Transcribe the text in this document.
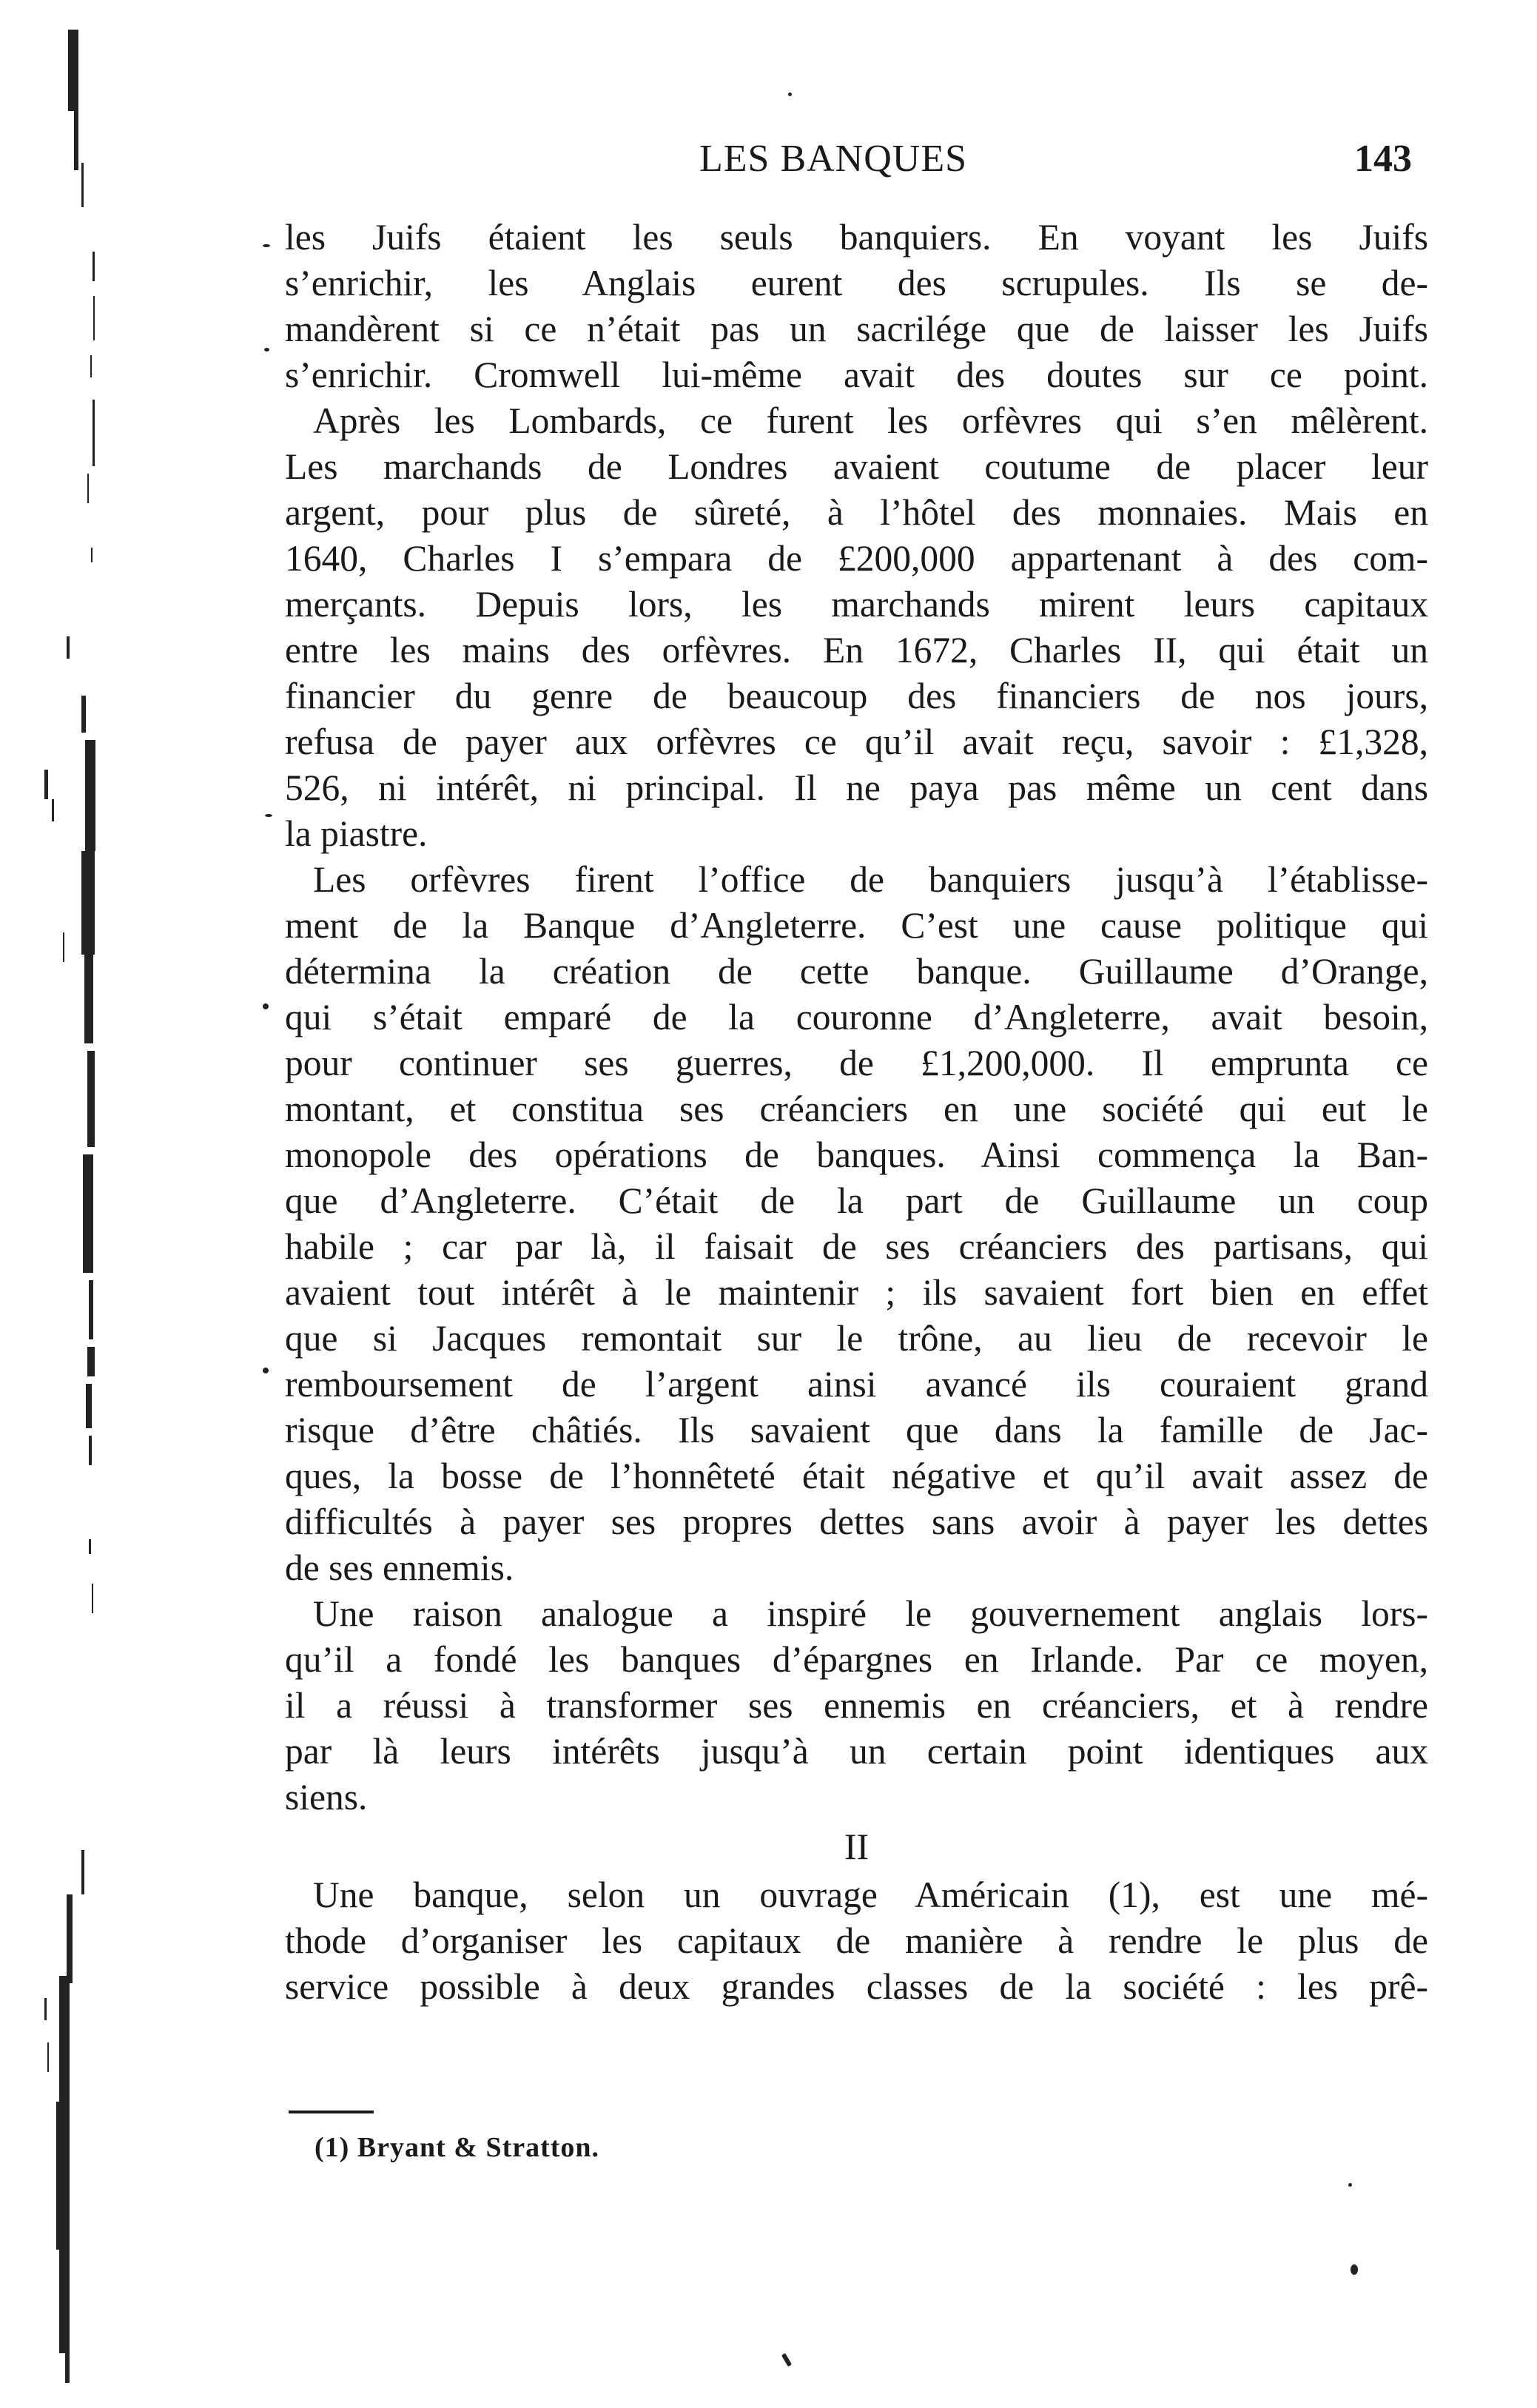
LES BANQUES	143
les Juifs étaient les seuls banquiers. En voyant les Juifs
s’enrichir, les Anglais eurent des scrupules. Ils se de-
mandèrent si ce n’était pas un sacrilége que de laisser les Juifs
s’enrichir. Cromwell lui-même avait des doutes sur ce point.
Après les Lombards, ce furent les orfèvres qui s’en mêlèrent.
Les marchands de Londres avaient coutume de placer leur
argent, pour plus de sûreté, à l’hôtel des monnaies. Mais en
1640, Charles I s’empara de £200,000 appartenant à des com-
merçants. Depuis lors, les marchands mirent leurs capitaux
entre les mains des orfèvres. En 1672, Charles II, qui était un
financier du genre de beaucoup des financiers de nos jours,
refusa de payer aux orfèvres ce qu’il avait reçu, savoir : £1,328,
526, ni intérêt, ni principal. Il ne paya pas même un cent dans
la piastre.
Les orfèvres firent l’office de banquiers jusqu’à l’établisse-
ment de la Banque d’Angleterre. C’est une cause politique qui
détermina la création de cette banque. Guillaume d’Orange,
qui s’était emparé de la couronne d’Angleterre, avait besoin,
pour continuer ses guerres, de £1,200,000. Il emprunta ce
montant, et constitua ses créanciers en une société qui eut le
monopole des opérations de banques. Ainsi commença la Ban-
que d’Angleterre. C’était de la part de Guillaume un coup
habile ; car par là, il faisait de ses créanciers des partisans, qui
avaient tout intérêt à le maintenir ; ils savaient fort bien en effet
que si Jacques remontait sur le trône, au lieu de recevoir le
remboursement de l’argent ainsi avancé ils couraient grand
risque d’être châtiés. Ils savaient que dans la famille de Jac-
ques, la bosse de l’honnêteté était négative et qu’il avait assez de
difficultés à payer ses propres dettes sans avoir à payer les dettes
de ses ennemis.
Une raison analogue a inspiré le gouvernement anglais lors-
qu’il a fondé les banques d’épargnes en Irlande. Par ce moyen,
il a réussi à transformer ses ennemis en créanciers, et à rendre
par là leurs intérêts jusqu’à un certain point identiques aux
siens.
II
Une banque, selon un ouvrage Américain (1), est une mé-
thode d’organiser les capitaux de manière à rendre le plus de
service possible à deux grandes classes de la société : les prê-
(1) Bryant & Stratton.
